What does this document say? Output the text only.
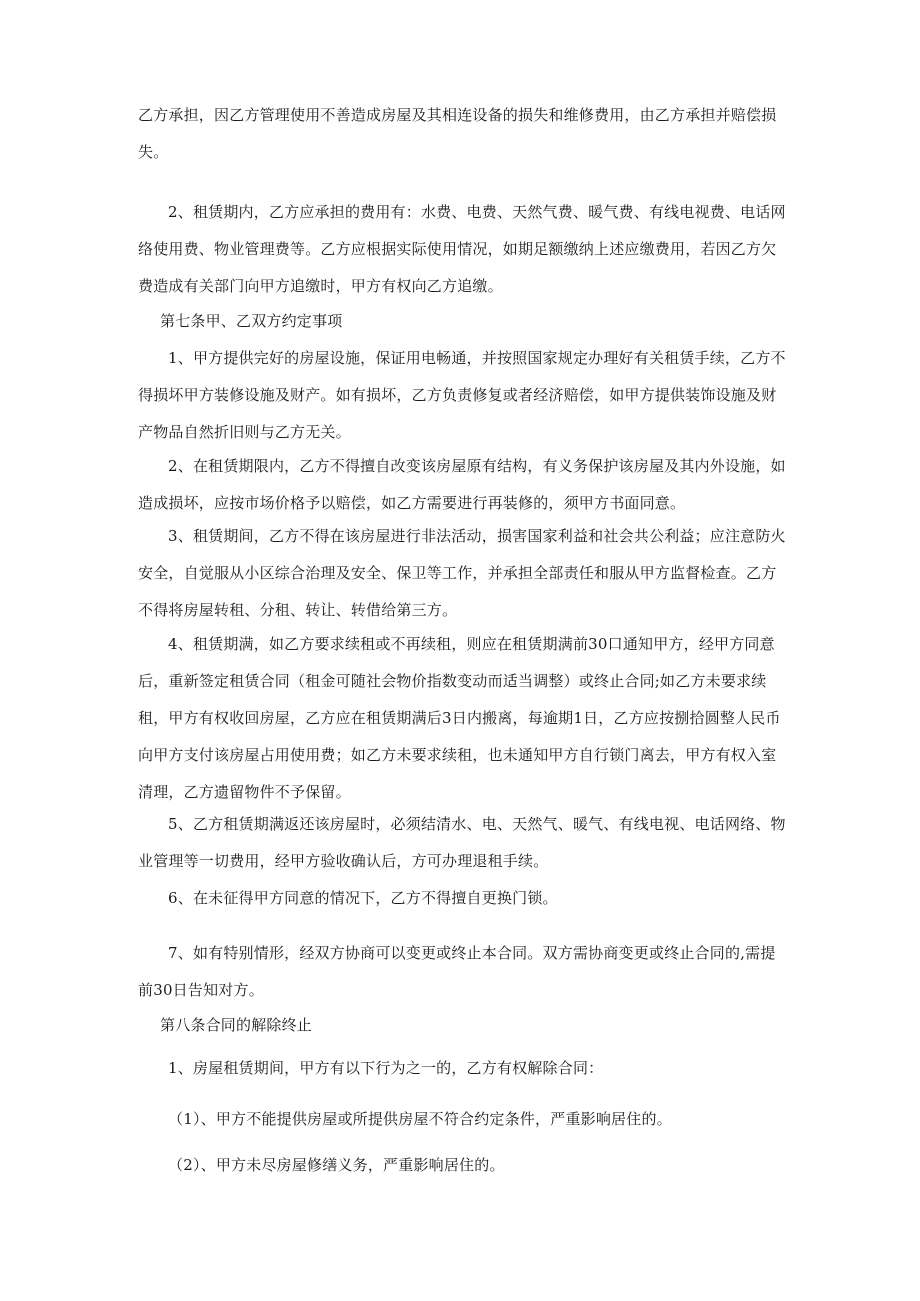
乙方承担，因乙方管理使用不善造成房屋及其相连设备的损失和维修费用，由乙方承担并赔偿损失。

2、租赁期内，乙方应承担的费用有：水费、电费、天然气费、暖气费、有线电视费、电话网络使用费、物业管理费等。乙方应根据实际使用情况，如期足额缴纳上述应缴费用，若因乙方欠费造成有关部门向甲方追缴时，甲方有权向乙方追缴。

第七条甲、乙双方约定事项

1、甲方提供完好的房屋设施，保证用电畅通，并按照国家规定办理好有关租赁手续，乙方不得损坏甲方装修设施及财产。如有损坏，乙方负责修复或者经济赔偿，如甲方提供装饰设施及财产物品自然折旧则与乙方无关。

2、在租赁期限内，乙方不得擅自改变该房屋原有结构，有义务保护该房屋及其内外设施，如造成损坏，应按市场价格予以赔偿，如乙方需要进行再装修的，须甲方书面同意。

3、租赁期间，乙方不得在该房屋进行非法活动，损害国家利益和社会共公利益；应注意防火安全，自觉服从小区综合治理及安全、保卫等工作，并承担全部责任和服从甲方监督检查。乙方不得将房屋转租、分租、转让、转借给第三方。

4、租赁期满，如乙方要求续租或不再续租，则应在租赁期满前30口通知甲方，经甲方同意后，重新签定租赁合同（租金可随社会物价指数变动而适当调整）或终止合同;如乙方未要求续租，甲方有权收回房屋，乙方应在租赁期满后3日内搬离，每逾期1日，乙方应按捌拾圆整人民币向甲方支付该房屋占用使用费；如乙方未要求续租，也未通知甲方自行锁门离去，甲方有权入室清理，乙方遗留物件不予保留。

5、乙方租赁期满返还该房屋时，必须结清水、电、天然气、暖气、有线电视、电话网络、物业管理等一切费用，经甲方验收确认后，方可办理退租手续。

6、在未征得甲方同意的情况下，乙方不得擅自更换门锁。

7、如有特别情形，经双方协商可以变更或终止本合同。双方需协商变更或终止合同的,需提前30日告知对方。

第八条合同的解除终止

1、房屋租赁期间，甲方有以下行为之一的，乙方有权解除合同：

（1）、甲方不能提供房屋或所提供房屋不符合约定条件，严重影响居住的。

（2）、甲方未尽房屋修缮义务，严重影响居住的。
